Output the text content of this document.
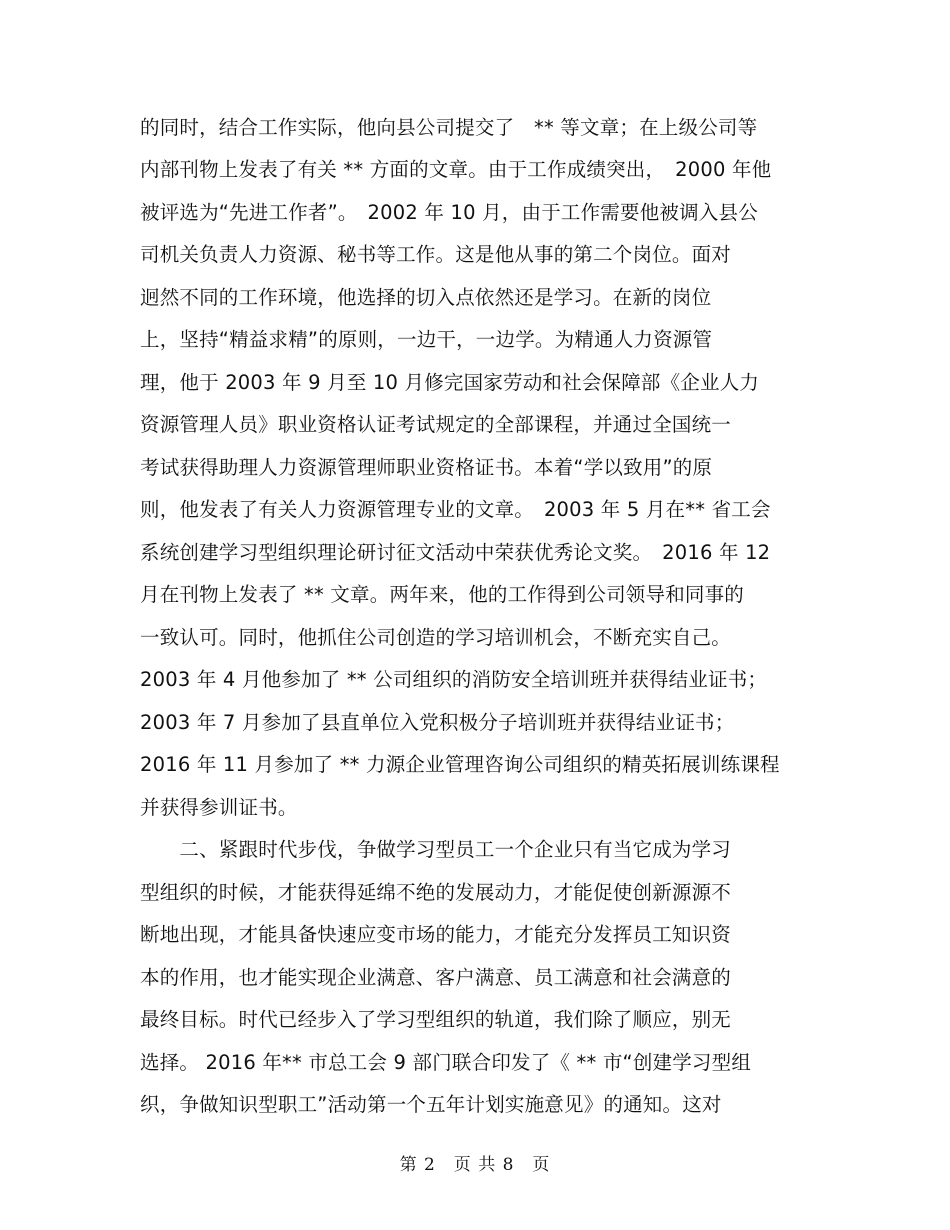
的同时，结合工作实际，他向县公司提交了　** 等文章；在上级公司等
内部刊物上发表了有关 ** 方面的文章。由于工作成绩突出，　2000 年他
被评选为“先进工作者”。　2002 年 10 月，由于工作需要他被调入县公
司机关负责人力资源、秘书等工作。这是他从事的第二个岗位。面对
迥然不同的工作环境，他选择的切入点依然还是学习。在新的岗位
上，坚持“精益求精”的原则，一边干，一边学。为精通人力资源管
理，他于 2003 年 9 月至 10 月修完国家劳动和社会保障部《企业人力
资源管理人员》职业资格认证考试规定的全部课程，并通过全国统一
考试获得助理人力资源管理师职业资格证书。本着“学以致用”的原
则，他发表了有关人力资源管理专业的文章。　2003 年 5 月在** 省工会
系统创建学习型组织理论研讨征文活动中荣获优秀论文奖。　2016 年 12
月在刊物上发表了 ** 文章。两年来，他的工作得到公司领导和同事的
一致认可。同时，他抓住公司创造的学习培训机会，不断充实自己。
2003 年 4 月他参加了 ** 公司组织的消防安全培训班并获得结业证书；
2003 年 7 月参加了县直单位入党积极分子培训班并获得结业证书；
2016 年 11 月参加了 ** 力源企业管理咨询公司组织的精英拓展训练课程
并获得参训证书。
　　二、紧跟时代步伐，争做学习型员工一个企业只有当它成为学习
型组织的时候，才能获得延绵不绝的发展动力，才能促使创新源源不
断地出现，才能具备快速应变市场的能力，才能充分发挥员工知识资
本的作用，也才能实现企业满意、客户满意、员工满意和社会满意的
最终目标。时代已经步入了学习型组织的轨道，我们除了顺应，别无
选择。 2016 年** 市总工会 9 部门联合印发了《 ** 市“创建学习型组
织，争做知识型职工”活动第一个五年计划实施意见》的通知。这对
第 2　页 共 8　页
